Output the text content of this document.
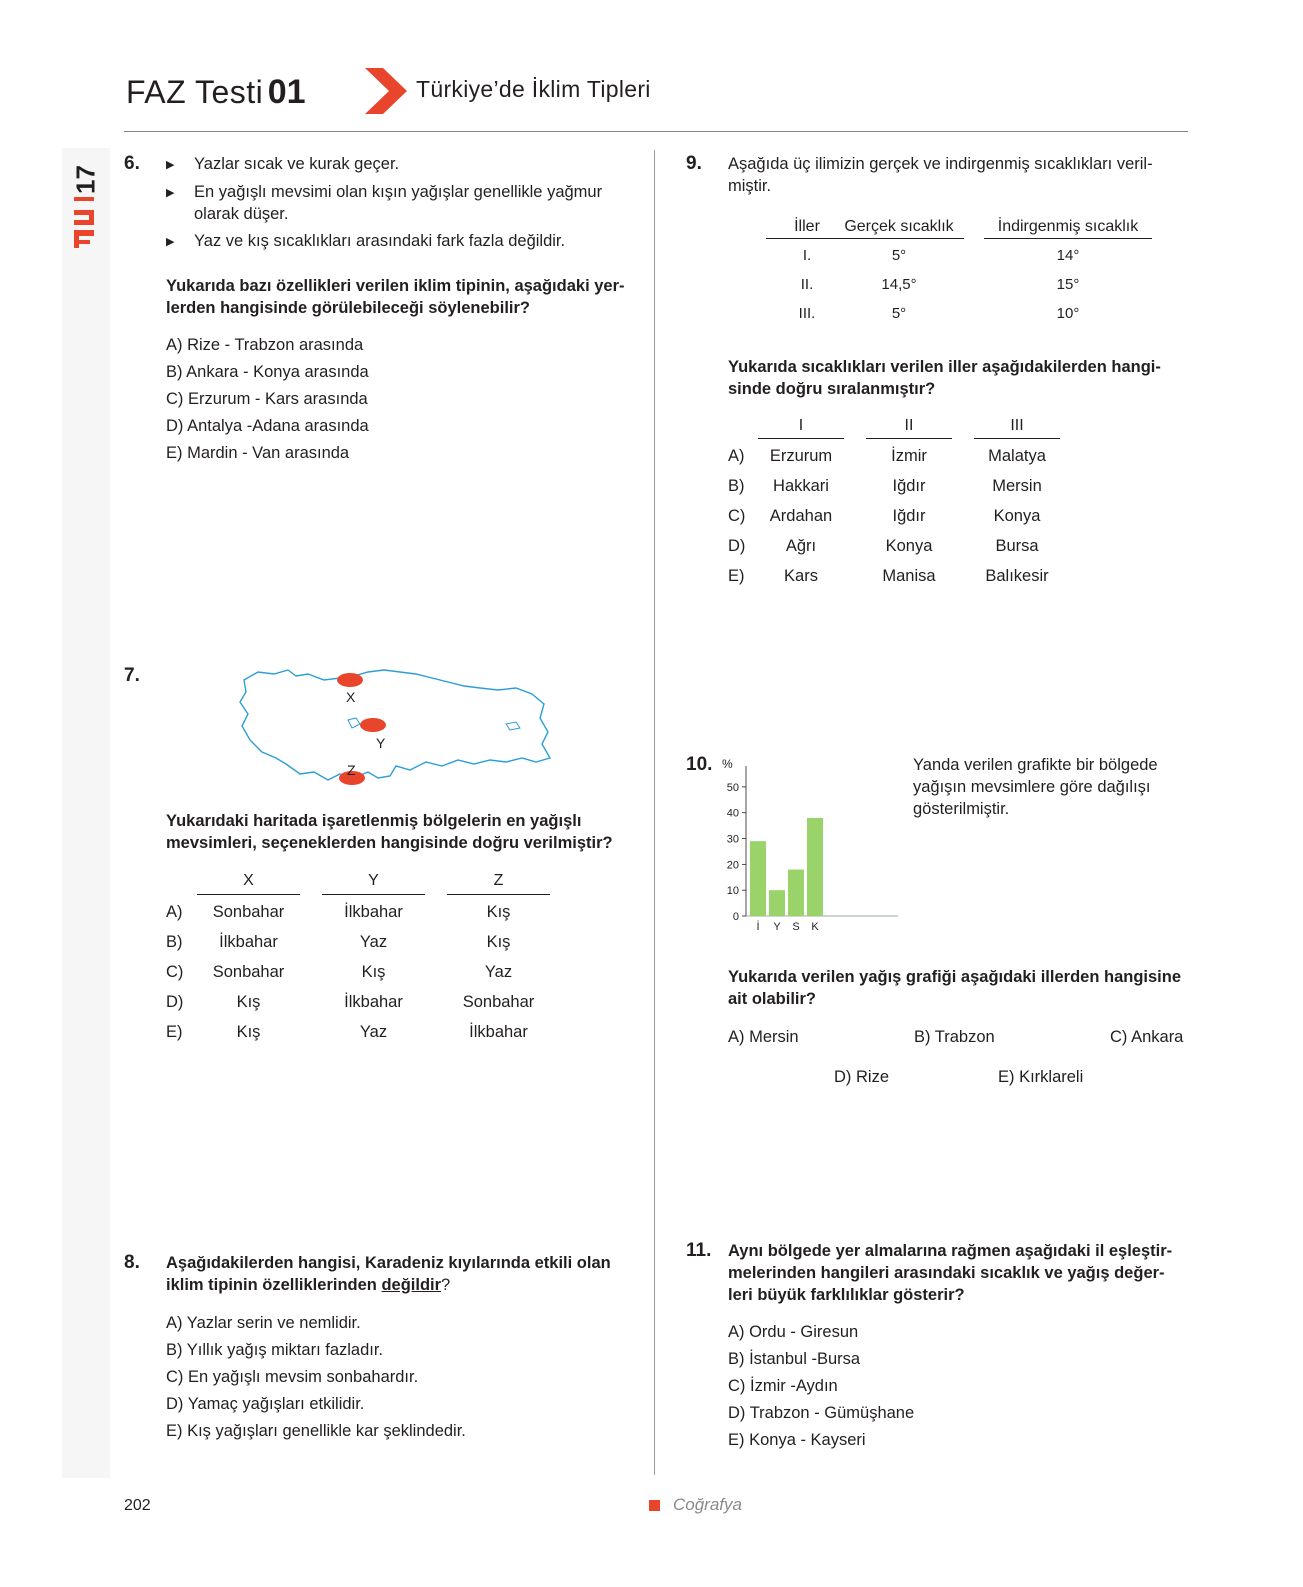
17
FAZ Testi 01	Türkiye’de İklim Tipleri
6. ▶ Yazlar sıcak ve kurak geçer.
▶ En yağışlı mevsimi olan kışın yağışlar genellikle yağmur
olarak düşer.
▶ Yaz ve kış sıcaklıkları arasındaki fark fazla değildir.
Yukarıda bazı özellikleri verilen iklim tipinin, aşağıdaki yer-
lerden hangisinde görülebileceği söylenebilir?
A) Rize - Trabzon arasında
B) Ankara - Konya arasında
C) Erzurum - Kars arasında
D) Antalya -Adana arasında
E) Mardin - Van arasında
7.
X
Y
Z
Yukarıdaki haritada işaretlenmiş bölgelerin en yağışlı
mevsimleri, seçeneklerden hangisinde doğru verilmiştir?
X	Y	Z
A)	Sonbahar	İlkbahar	Kış
B)	İlkbahar	Yaz	Kış
C)	Sonbahar	Kış	Yaz
D)	Kış	İlkbahar	Sonbahar
E)	Kış	Yaz	İlkbahar
8. Aşağıdakilerden hangisi, Karadeniz kıyılarında etkili olan
iklim tipinin özelliklerinden değildir?
A) Yazlar serin ve nemlidir.
B) Yıllık yağış miktarı fazladır.
C) En yağışlı mevsim sonbahardır.
D) Yamaç yağışları etkilidir.
E) Kış yağışları genellikle kar şeklindedir.
9. Aşağıda üç ilimizin gerçek ve indirgenmiş sıcaklıkları veril-
miştir.
İller	Gerçek sıcaklık	İndirgenmiş sıcaklık
I.	5°	14°
II.	14,5°	15°
III.	5°	10°
Yukarıda sıcaklıkları verilen iller aşağıdakilerden hangi-
sinde doğru sıralanmıştır?
I	II	III
A)	Erzurum	İzmir	Malatya
B)	Hakkari	Iğdır	Mersin
C)	Ardahan	Iğdır	Konya
D)	Ağrı	Konya	Bursa
E)	Kars	Manisa	Balıkesir
10. %
0
10
20
30
40
50
İ Y S K
Yanda verilen grafikte bir bölgede
yağışın mevsimlere göre dağılışı
gösterilmiştir.
Yukarıda verilen yağış grafiği aşağıdaki illerden hangisine
ait olabilir?
A) Mersin	B) Trabzon	C) Ankara
D) Rize	E) Kırklareli
11. Aynı bölgede yer almalarına rağmen aşağıdaki il eşleştir-
melerinden hangileri arasındaki sıcaklık ve yağış değer-
leri büyük farklılıklar gösterir?
A) Ordu - Giresun
B) İstanbul -Bursa
C) İzmir -Aydın
D) Trabzon - Gümüşhane
E) Konya - Kayseri
202	Coğrafya
